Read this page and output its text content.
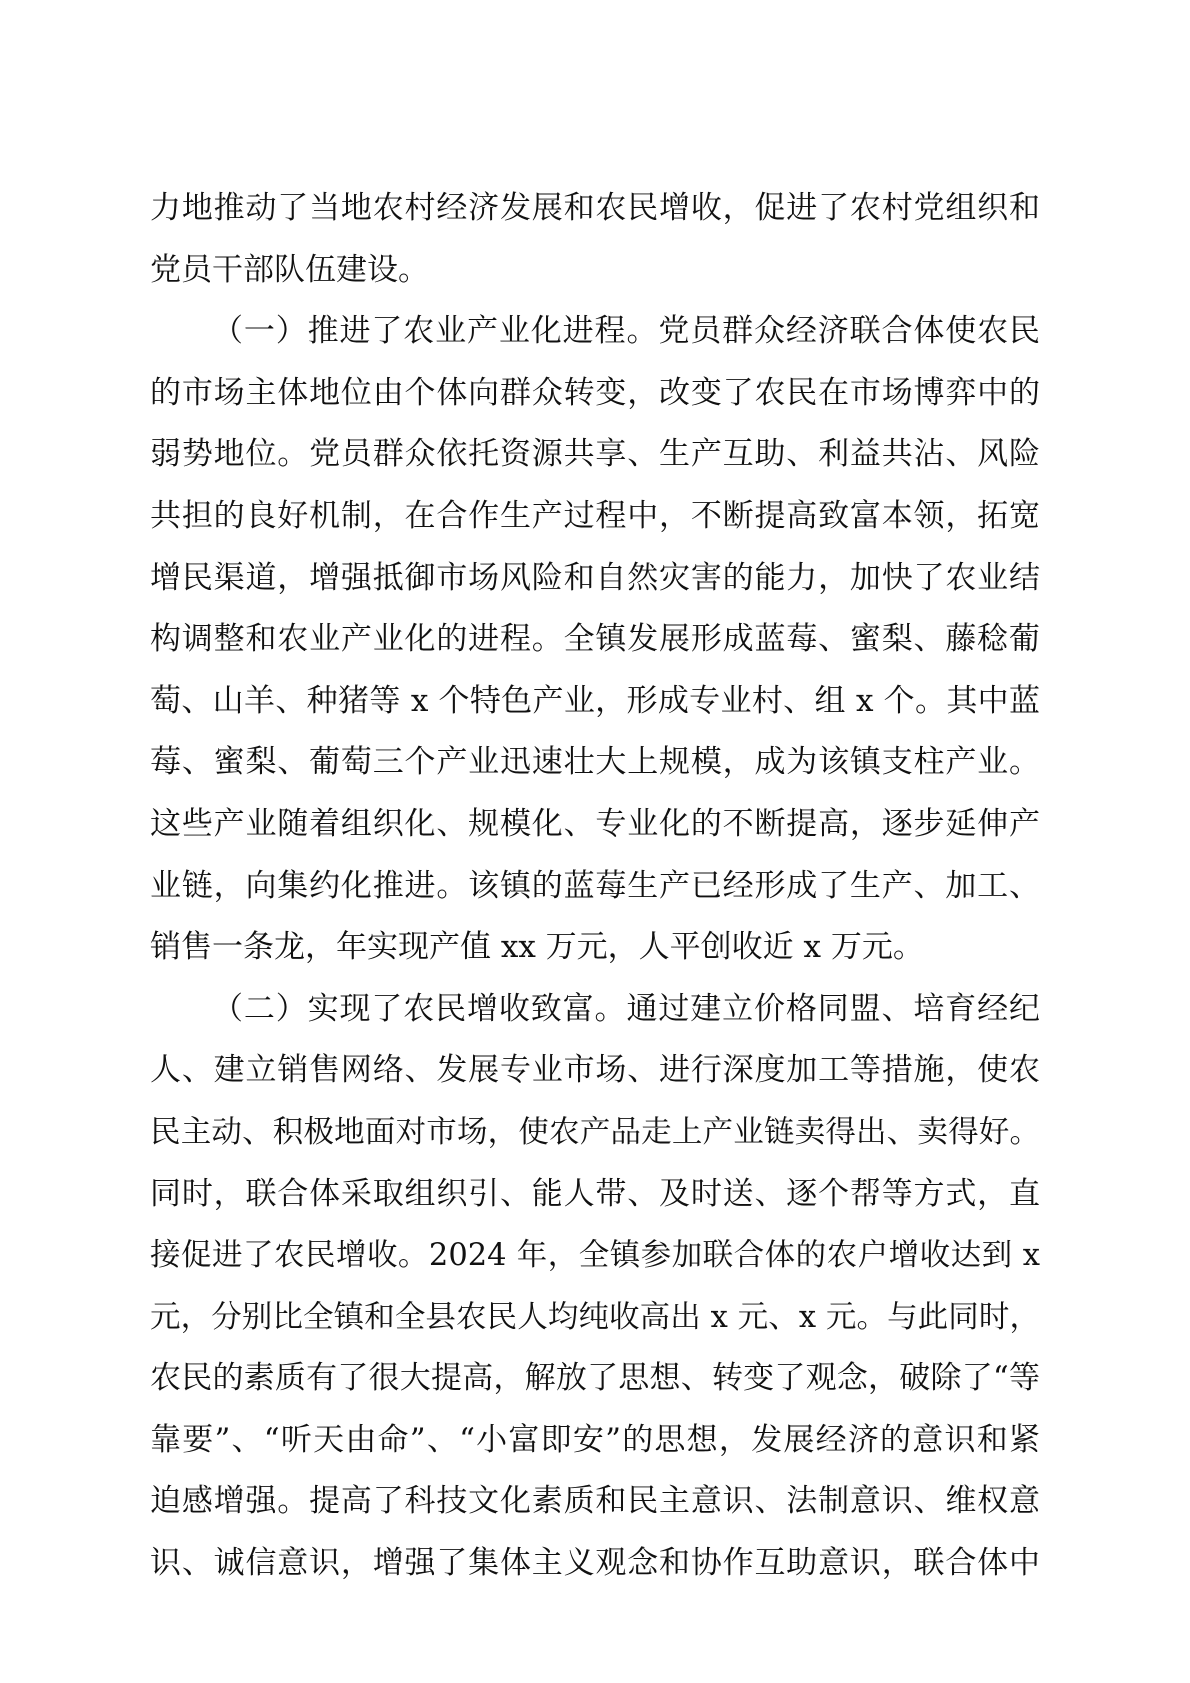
力地推动了当地农村经济发展和农民增收，促进了农村党组织和
党员干部队伍建设。
（一）推进了农业产业化进程。党员群众经济联合体使农民
的市场主体地位由个体向群众转变，改变了农民在市场博弈中的
弱势地位。党员群众依托资源共享、生产互助、利益共沾、风险
共担的良好机制，在合作生产过程中，不断提高致富本领，拓宽
增民渠道，增强抵御市场风险和自然灾害的能力，加快了农业结
构调整和农业产业化的进程。全镇发展形成蓝莓、蜜梨、藤稔葡
萄、山羊、种猪等 x 个特色产业，形成专业村、组 x 个。其中蓝
莓、蜜梨、葡萄三个产业迅速壮大上规模，成为该镇支柱产业。
这些产业随着组织化、规模化、专业化的不断提高，逐步延伸产
业链，向集约化推进。该镇的蓝莓生产已经形成了生产、加工、
销售一条龙，年实现产值 xx 万元，人平创收近 x 万元。
（二）实现了农民增收致富。通过建立价格同盟、培育经纪
人、建立销售网络、发展专业市场、进行深度加工等措施，使农
民主动、积极地面对市场，使农产品走上产业链卖得出、卖得好。
同时，联合体采取组织引、能人带、及时送、逐个帮等方式，直
接促进了农民增收。2024 年，全镇参加联合体的农户增收达到 x
元，分别比全镇和全县农民人均纯收高出 x 元、x 元。与此同时，
农民的素质有了很大提高，解放了思想、转变了观念，破除了“等
靠要”、“听天由命”、“小富即安”的思想，发展经济的意识和紧
迫感增强。提高了科技文化素质和民主意识、法制意识、维权意
识、诚信意识，增强了集体主义观念和协作互助意识，联合体中
